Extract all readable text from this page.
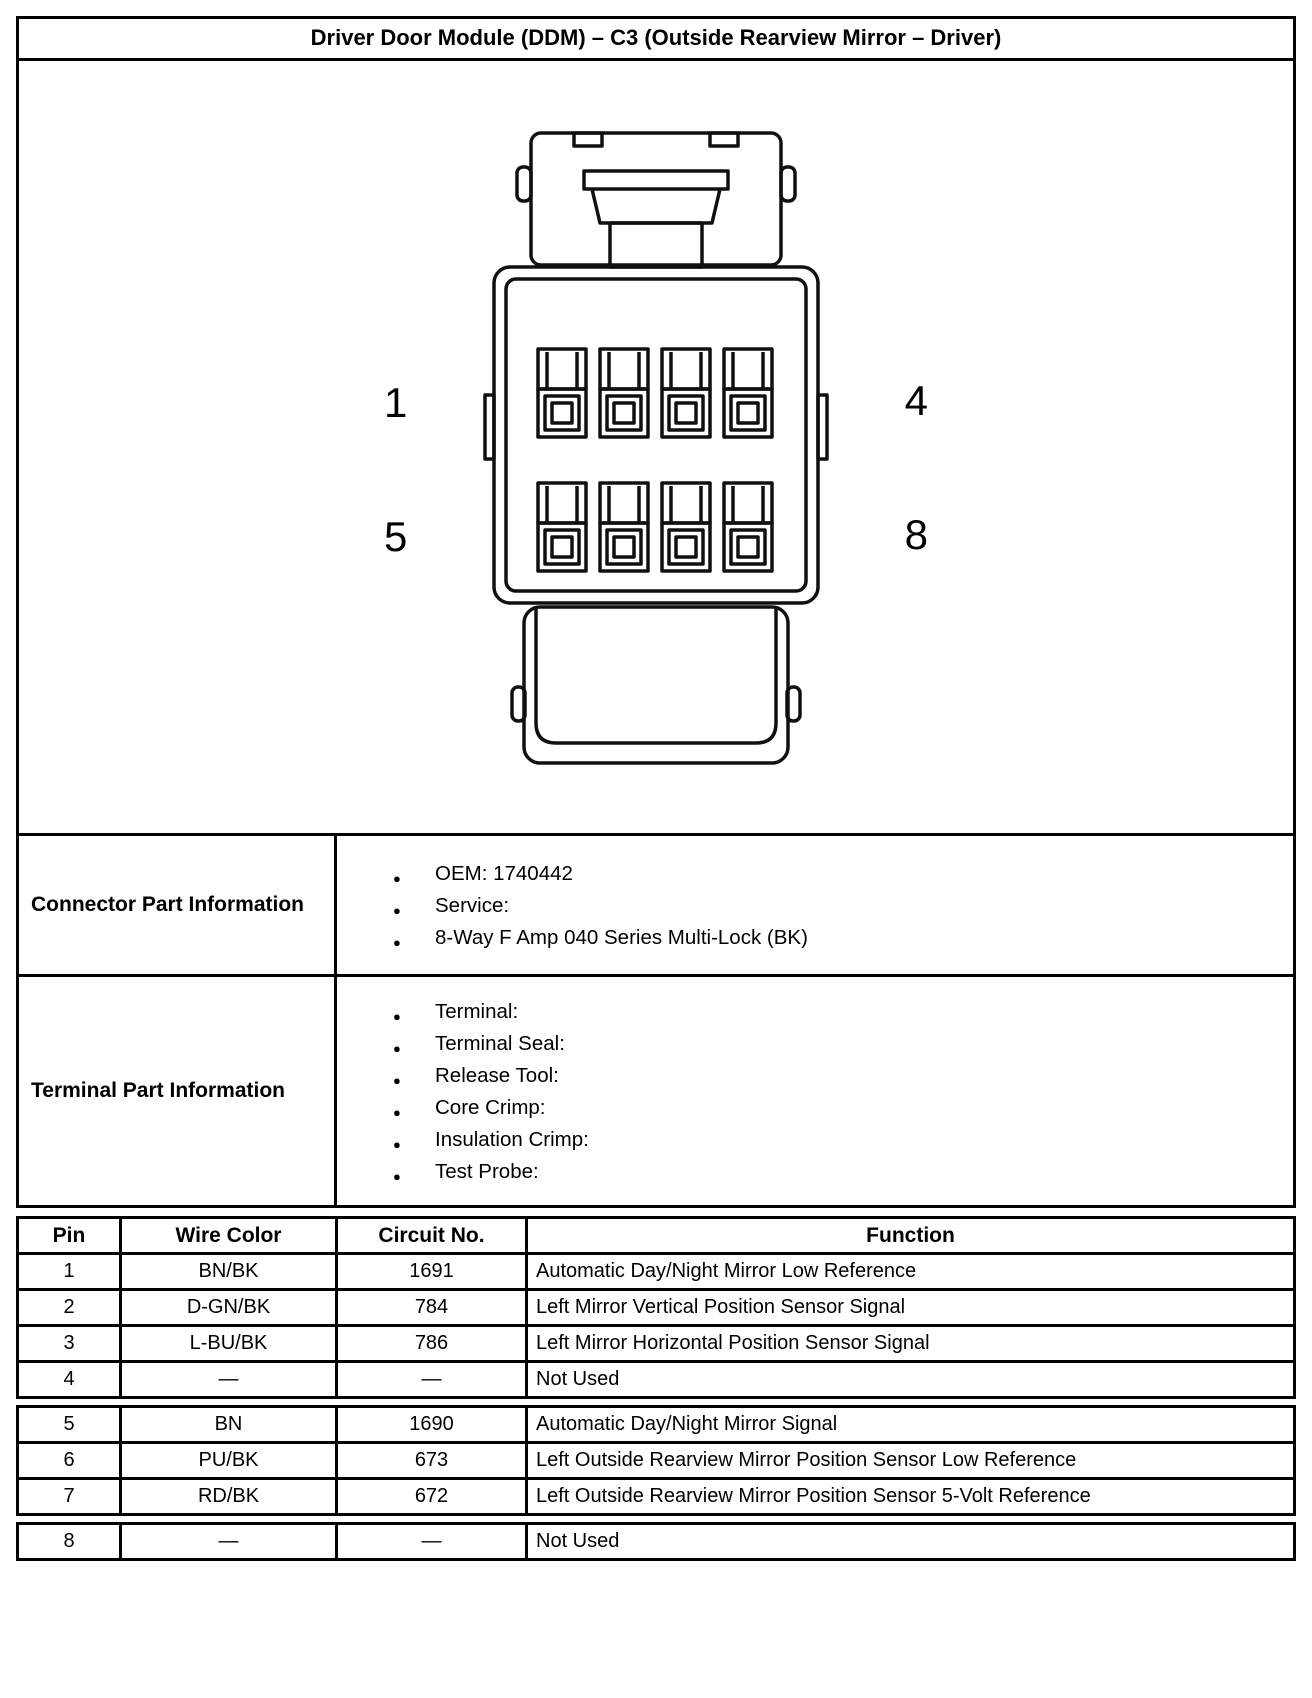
Driver Door Module (DDM) – C3 (Outside Rearview Mirror – Driver)
1	4
5	8
Connector Part Information	
● OEM: 1740442
● Service:
● 8-Way F Amp 040 Series Multi-Lock (BK)

Terminal Part Information	
● Terminal:
● Terminal Seal:
● Release Tool:
● Core Crimp:
● Insulation Crimp:
● Test Probe:
Pin	Wire Color	Circuit No.	Function
1	BN/BK	1691	Automatic Day/Night Mirror Low Reference
2	D-GN/BK	784	Left Mirror Vertical Position Sensor Signal
3	L-BU/BK	786	Left Mirror Horizontal Position Sensor Signal
4	—	—	Not Used
5	BN	1690	Automatic Day/Night Mirror Signal
6	PU/BK	673	Left Outside Rearview Mirror Position Sensor Low Reference
7	RD/BK	672	Left Outside Rearview Mirror Position Sensor 5-Volt Reference
8	—	—	Not Used
